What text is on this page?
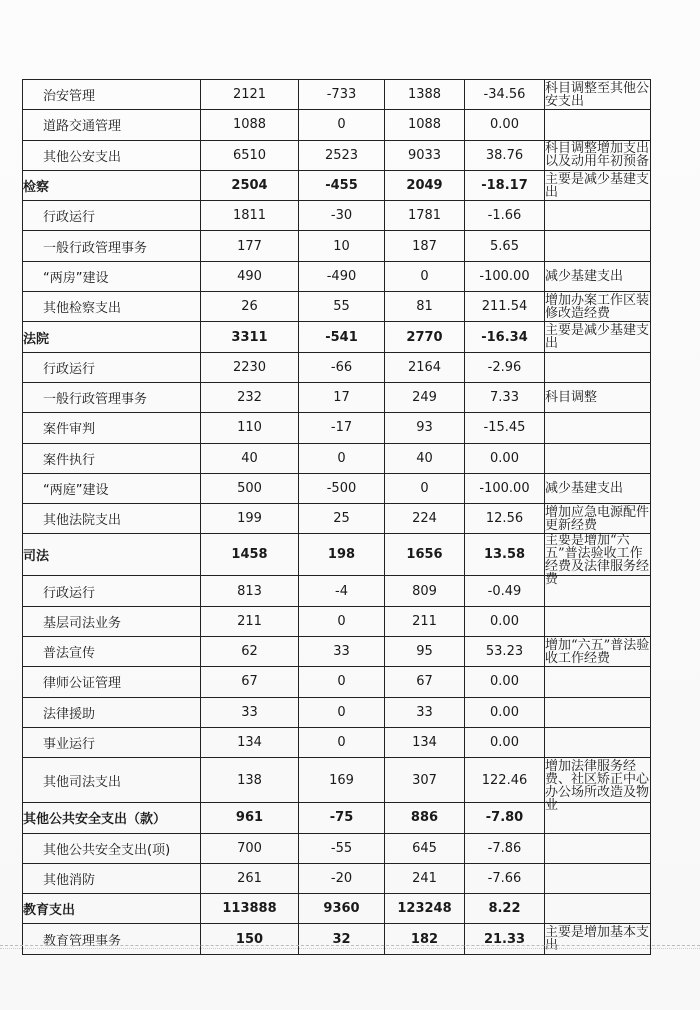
治安管理	2121	-733	1388	-34.56	科目调整至其他公安支出

道路交通管理	1088	0	1088	0.00	

其他公安支出	6510	2523	9033	38.76	科目调整增加支出以及动用年初预备

检察	2504	-455	2049	-18.17	主要是减少基建支出

行政运行	1811	-30	1781	-1.66	

一般行政管理事务	177	10	187	5.65	

“两房”建设	490	-490	0	-100.00	减少基建支出

其他检察支出	26	55	81	211.54	增加办案工作区装修改造经费

法院	3311	-541	2770	-16.34	主要是减少基建支出

行政运行	2230	-66	2164	-2.96	

一般行政管理事务	232	17	249	7.33	科目调整

案件审判	110	-17	93	-15.45	

案件执行	40	0	40	0.00	

“两庭”建设	500	-500	0	-100.00	减少基建支出

其他法院支出	199	25	224	12.56	增加应急电源配件更新经费

司法	1458	198	1656	13.58	主要是增加“六五”普法验收工作经费及法律服务经费

行政运行	813	-4	809	-0.49	

基层司法业务	211	0	211	0.00	

普法宣传	62	33	95	53.23	增加“六五”普法验收工作经费

律师公证管理	67	0	67	0.00	

法律援助	33	0	33	0.00	

事业运行	134	0	134	0.00	

其他司法支出	138	169	307	122.46	增加法律服务经费、社区矫正中心办公场所改造及物业

其他公共安全支出（款）	961	-75	886	-7.80	

其他公共安全支出(项)	700	-55	645	-7.86	

其他消防	261	-20	241	-7.66	

教育支出	113888	9360	123248	8.22	

教育管理事务	150	32	182	21.33	主要是增加基本支出
